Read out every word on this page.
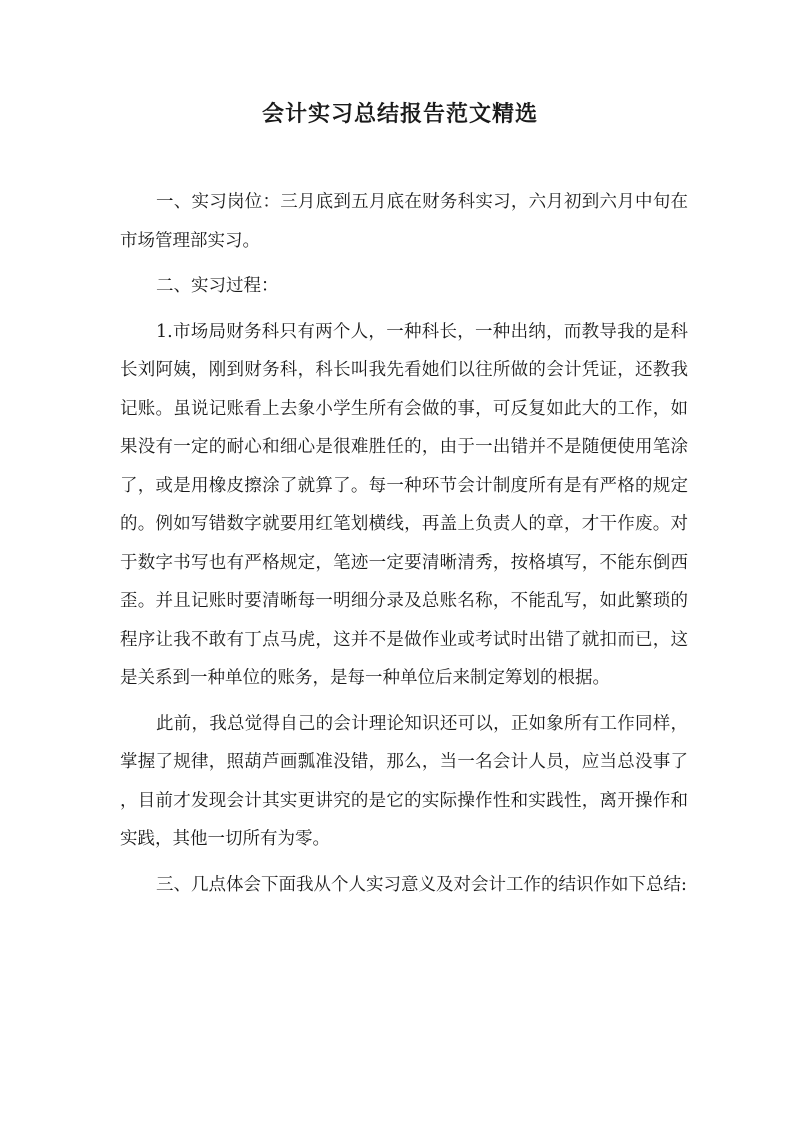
会计实习总结报告范文精选

一、实习岗位：三月底到五月底在财务科实习，六月初到六月中旬在市场管理部实习。

二、实习过程：

1.市场局财务科只有两个人，一种科长，一种出纳，而教导我的是科长刘阿姨，刚到财务科，科长叫我先看她们以往所做的会计凭证，还教我记账。虽说记账看上去象小学生所有会做的事，可反复如此大的工作，如果没有一定的耐心和细心是很难胜任的，由于一出错并不是随便使用笔涂了，或是用橡皮擦涂了就算了。每一种环节会计制度所有是有严格的规定的。例如写错数字就要用红笔划横线，再盖上负责人的章，才干作废。对于数字书写也有严格规定，笔迹一定要清晰清秀，按格填写，不能东倒西歪。并且记账时要清晰每一明细分录及总账名称，不能乱写，如此繁琐的程序让我不敢有丁点马虎，这并不是做作业或考试时出错了就扣而已，这是关系到一种单位的账务，是每一种单位后来制定筹划的根据。

此前，我总觉得自己的会计理论知识还可以，正如象所有工作同样，掌握了规律，照葫芦画瓢准没错，那么，当一名会计人员，应当总没事了，目前才发现会计其实更讲究的是它的实际操作性和实践性，离开操作和实践，其他一切所有为零。

三、几点体会下面我从个人实习意义及对会计工作的结识作如下总结:
